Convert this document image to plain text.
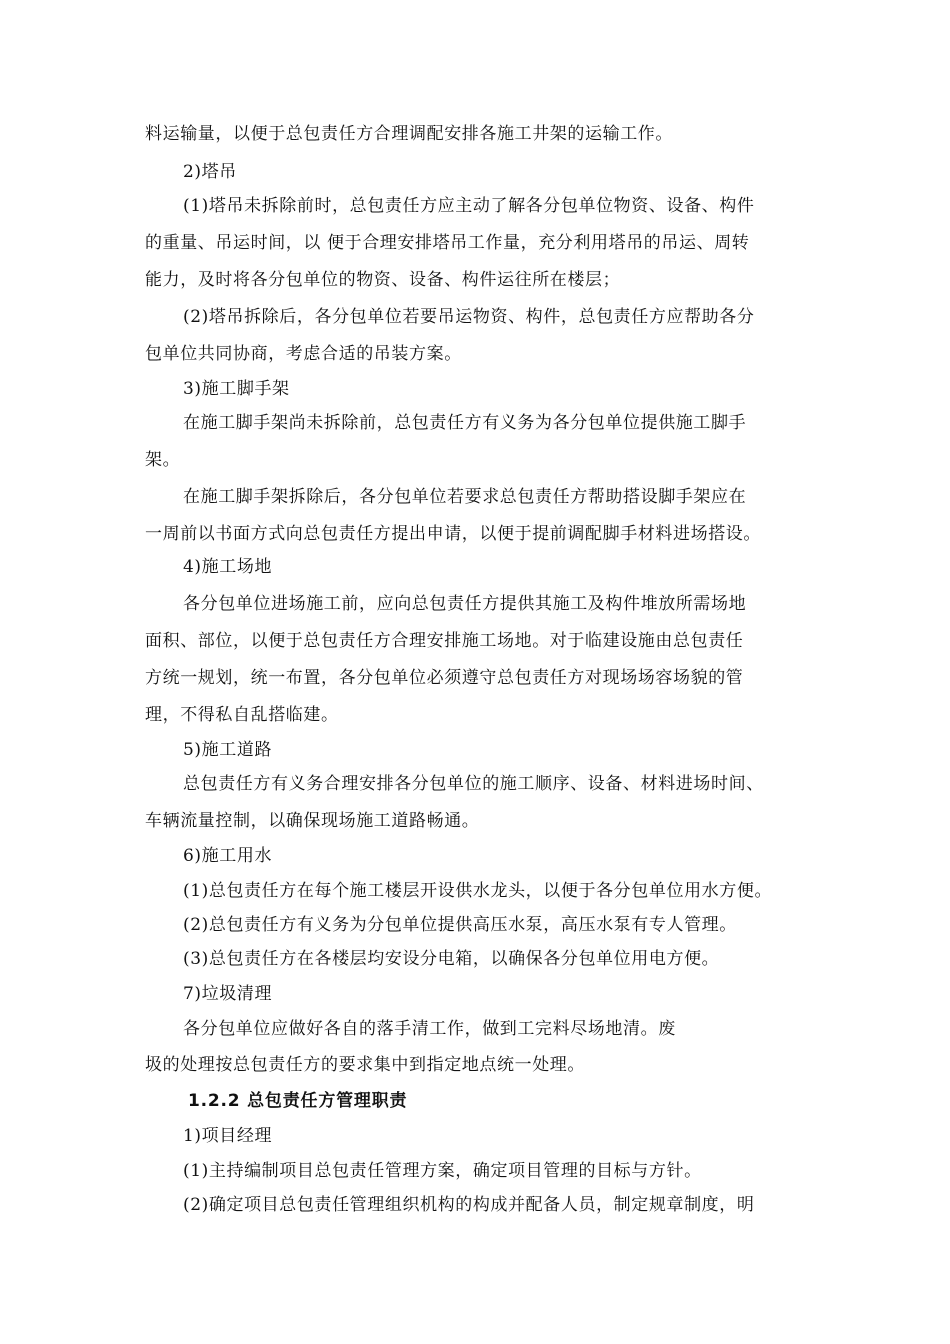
料运输量，以便于总包责任方合理调配安排各施工井架的运输工作。
2)塔吊
(1)塔吊未拆除前时，总包责任方应主动了解各分包单位物资、设备、构件
的重量、吊运时间，以 便于合理安排塔吊工作量，充分利用塔吊的吊运、周转
能力，及时将各分包单位的物资、设备、构件运往所在楼层；
(2)塔吊拆除后，各分包单位若要吊运物资、构件，总包责任方应帮助各分
包单位共同协商，考虑合适的吊装方案。
3)施工脚手架
在施工脚手架尚未拆除前，总包责任方有义务为各分包单位提供施工脚手
架。
在施工脚手架拆除后，各分包单位若要求总包责任方帮助搭设脚手架应在
一周前以书面方式向总包责任方提出申请，以便于提前调配脚手材料进场搭设。
4)施工场地
各分包单位进场施工前，应向总包责任方提供其施工及构件堆放所需场地
面积、部位，以便于总包责任方合理安排施工场地。对于临建设施由总包责任
方统一规划，统一布置，各分包单位必须遵守总包责任方对现场场容场貌的管
理，不得私自乱搭临建。
5)施工道路
总包责任方有义务合理安排各分包单位的施工顺序、设备、材料进场时间、
车辆流量控制，以确保现场施工道路畅通。
6)施工用水
(1)总包责任方在每个施工楼层开设供水龙头，以便于各分包单位用水方便。
(2)总包责任方有义务为分包单位提供高压水泵，高压水泵有专人管理。
(3)总包责任方在各楼层均安设分电箱，以确保各分包单位用电方便。
7)垃圾清理
各分包单位应做好各自的落手清工作，做到工完料尽场地清。废
圾的处理按总包责任方的要求集中到指定地点统一处理。
1.2.2 总包责任方管理职责
1)项目经理
(1)主持编制项目总包责任管理方案，确定项目管理的目标与方针。
(2)确定项目总包责任管理组织机构的构成并配备人员，制定规章制度，明
